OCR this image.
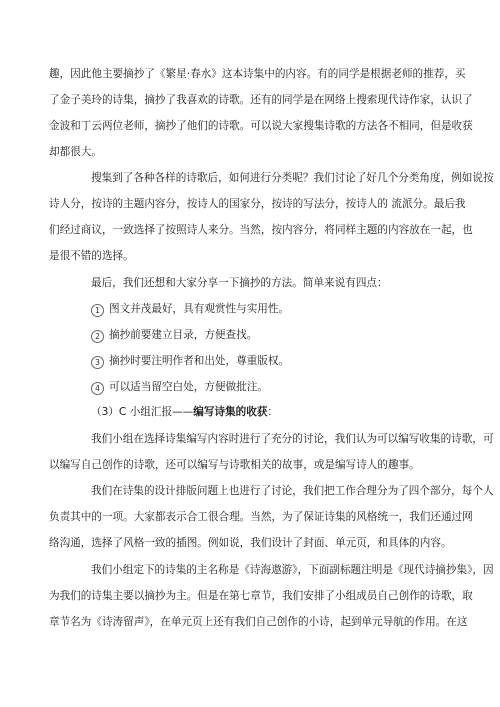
趣，因此他主要摘抄了《繁星·春水》这本诗集中的内容。有的同学是根据老师的推荐，买
了金子美玲的诗集，摘抄了我喜欢的诗歌。还有的同学是在网络上搜索现代诗作家，认识了
金波和丁云两位老师，摘抄了他们的诗歌。可以说大家搜集诗歌的方法各不相同，但是收获
却都很大。
搜集到了各种各样的诗歌后，如何进行分类呢？我们讨论了好几个分类角度，例如说按
诗人分，按诗的主题内容分，按诗人的国家分，按诗的写法分，按诗人的 流派分。最后我
们经过商议，一致选择了按照诗人来分。当然，按内容分，将同样主题的内容放在一起，也
是很不错的选择。
最后，我们还想和大家分享一下摘抄的方法。简单来说有四点：
1 图文并茂最好，具有观赏性与实用性。
2 摘抄前要建立目录，方便查找。
3 摘抄时要注明作者和出处，尊重版权。
4 可以适当留空白处，方便做批注。
（3）C 小组汇报——编写诗集的收获：
我们小组在选择诗集编写内容时进行了充分的讨论，我们认为可以编写收集的诗歌，可
以编写自己创作的诗歌，还可以编写与诗歌相关的故事，或是编写诗人的趣事。
我们在诗集的设计排版问题上也进行了讨论，我们把工作合理分为了四个部分，每个人
负责其中的一项。大家都表示合工很合理。当然，为了保证诗集的风格统一，我们还通过网
络沟通，选择了风格一致的插图。例如说，我们设计了封面、单元页，和具体的内容。
我们小组定下的诗集的主名称是《诗海遨游》，下面副标题注明是《现代诗摘抄集》，因
为我们的诗集主要以摘抄为主。但是在第七章节，我们安排了小组成员自己创作的诗歌，取
章节名为《诗涛留声》，在单元页上还有我们自己创作的小诗，起到单元导航的作用。在这
